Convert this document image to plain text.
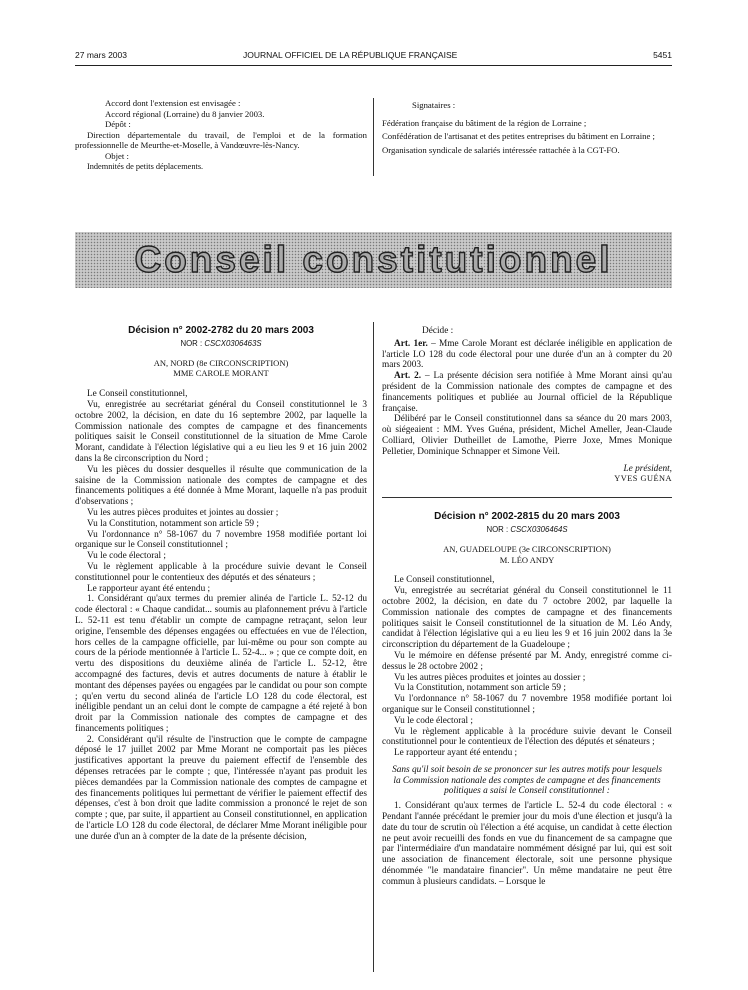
27 mars 2003	JOURNAL OFFICIEL DE LA RÉPUBLIQUE FRANÇAISE	5451

Accord dont l'extension est envisagée :

Accord régional (Lorraine) du 8 janvier 2003.

Dépôt :

Direction départementale du travail, de l'emploi et de la formation professionnelle de Meurthe-et-Moselle, à Vandœuvre-lès-Nancy.

Objet :

Indemnités de petits déplacements.

Signataires :

Fédération française du bâtiment de la région de Lorraine ;

Confédération de l'artisanat et des petites entreprises du bâtiment en Lorraine ;

Organisation syndicale de salariés intéressée rattachée à la CGT-FO.

Conseil constitutionnel

Décision n° 2002-2782 du 20 mars 2003

NOR : CSCX0306463S

AN, NORD (8e CIRCONSCRIPTION)

MME CAROLE MORANT

Le Conseil constitutionnel,

Vu, enregistrée au secrétariat général du Conseil constitutionnel le 3 octobre 2002, la décision, en date du 16 septembre 2002, par laquelle la Commission nationale des comptes de campagne et des financements politiques saisit le Conseil constitutionnel de la situation de Mme Carole Morant, candidate à l'élection législative qui a eu lieu les 9 et 16 juin 2002 dans la 8e circonscription du Nord ;

Vu les pièces du dossier desquelles il résulte que communication de la saisine de la Commission nationale des comptes de campagne et des financements politiques a été donnée à Mme Morant, laquelle n'a pas produit d'observations ;

Vu les autres pièces produites et jointes au dossier ;

Vu la Constitution, notamment son article 59 ;

Vu l'ordonnance n° 58-1067 du 7 novembre 1958 modifiée portant loi organique sur le Conseil constitutionnel ;

Vu le code électoral ;

Vu le règlement applicable à la procédure suivie devant le Conseil constitutionnel pour le contentieux des députés et des sénateurs ;

Le rapporteur ayant été entendu ;

1. Considérant qu'aux termes du premier alinéa de l'article L. 52-12 du code électoral : « Chaque candidat... soumis au plafonnement prévu à l'article L. 52-11 est tenu d'établir un compte de campagne retraçant, selon leur origine, l'ensemble des dépenses engagées ou effectuées en vue de l'élection, hors celles de la campagne officielle, par lui-même ou pour son compte au cours de la période mentionnée à l'article L. 52-4... » ; que ce compte doit, en vertu des dispositions du deuxième alinéa de l'article L. 52-12, être accompagné des factures, devis et autres documents de nature à établir le montant des dépenses payées ou engagées par le candidat ou pour son compte ; qu'en vertu du second alinéa de l'article LO 128 du code électoral, est inéligible pendant un an celui dont le compte de campagne a été rejeté à bon droit par la Commission nationale des comptes de campagne et des financements politiques ;

2. Considérant qu'il résulte de l'instruction que le compte de campagne déposé le 17 juillet 2002 par Mme Morant ne comportait pas les pièces justificatives apportant la preuve du paiement effectif de l'ensemble des dépenses retracées par le compte ; que, l'intéressée n'ayant pas produit les pièces demandées par la Commission nationale des comptes de campagne et des financements politiques lui permettant de vérifier le paiement effectif des dépenses, c'est à bon droit que ladite commission a prononcé le rejet de son compte ; que, par suite, il appartient au Conseil constitutionnel, en application de l'article LO 128 du code électoral, de déclarer Mme Morant inéligible pour une durée d'un an à compter de la date de la présente décision,

Décide :

Art. 1er. – Mme Carole Morant est déclarée inéligible en application de l'article LO 128 du code électoral pour une durée d'un an à compter du 20 mars 2003.

Art. 2. – La présente décision sera notifiée à Mme Morant ainsi qu'au président de la Commission nationale des comptes de campagne et des financements politiques et publiée au Journal officiel de la République française.

Délibéré par le Conseil constitutionnel dans sa séance du 20 mars 2003, où siégeaient : MM. Yves Guéna, président, Michel Ameller, Jean-Claude Colliard, Olivier Dutheillet de Lamothe, Pierre Joxe, Mmes Monique Pelletier, Dominique Schnapper et Simone Veil.

Le président,

YVES GUÉNA

Décision n° 2002-2815 du 20 mars 2003

NOR : CSCX0306464S

AN, GUADELOUPE (3e CIRCONSCRIPTION)

M. LÉO ANDY

Le Conseil constitutionnel,

Vu, enregistrée au secrétariat général du Conseil constitutionnel le 11 octobre 2002, la décision, en date du 7 octobre 2002, par laquelle la Commission nationale des comptes de campagne et des financements politiques saisit le Conseil constitutionnel de la situation de M. Léo Andy, candidat à l'élection législative qui a eu lieu les 9 et 16 juin 2002 dans la 3e circonscription du département de la Guadeloupe ;

Vu le mémoire en défense présenté par M. Andy, enregistré comme ci-dessus le 28 octobre 2002 ;

Vu les autres pièces produites et jointes au dossier ;

Vu la Constitution, notamment son article 59 ;

Vu l'ordonnance n° 58-1067 du 7 novembre 1958 modifiée portant loi organique sur le Conseil constitutionnel ;

Vu le code électoral ;

Vu le règlement applicable à la procédure suivie devant le Conseil constitutionnel pour le contentieux de l'élection des députés et sénateurs ;

Le rapporteur ayant été entendu ;

Sans qu'il soit besoin de se prononcer sur les autres motifs pour lesquels la Commission nationale des comptes de campagne et des financements politiques a saisi le Conseil constitutionnel :

1. Considérant qu'aux termes de l'article L. 52-4 du code électoral : « Pendant l'année précédant le premier jour du mois d'une élection et jusqu'à la date du tour de scrutin où l'élection a été acquise, un candidat à cette élection ne peut avoir recueilli des fonds en vue du financement de sa campagne que par l'intermédiaire d'un mandataire nommément désigné par lui, qui est soit une association de financement électorale, soit une personne physique dénommée "le mandataire financier". Un même mandataire ne peut être commun à plusieurs candidats. – Lorsque le
